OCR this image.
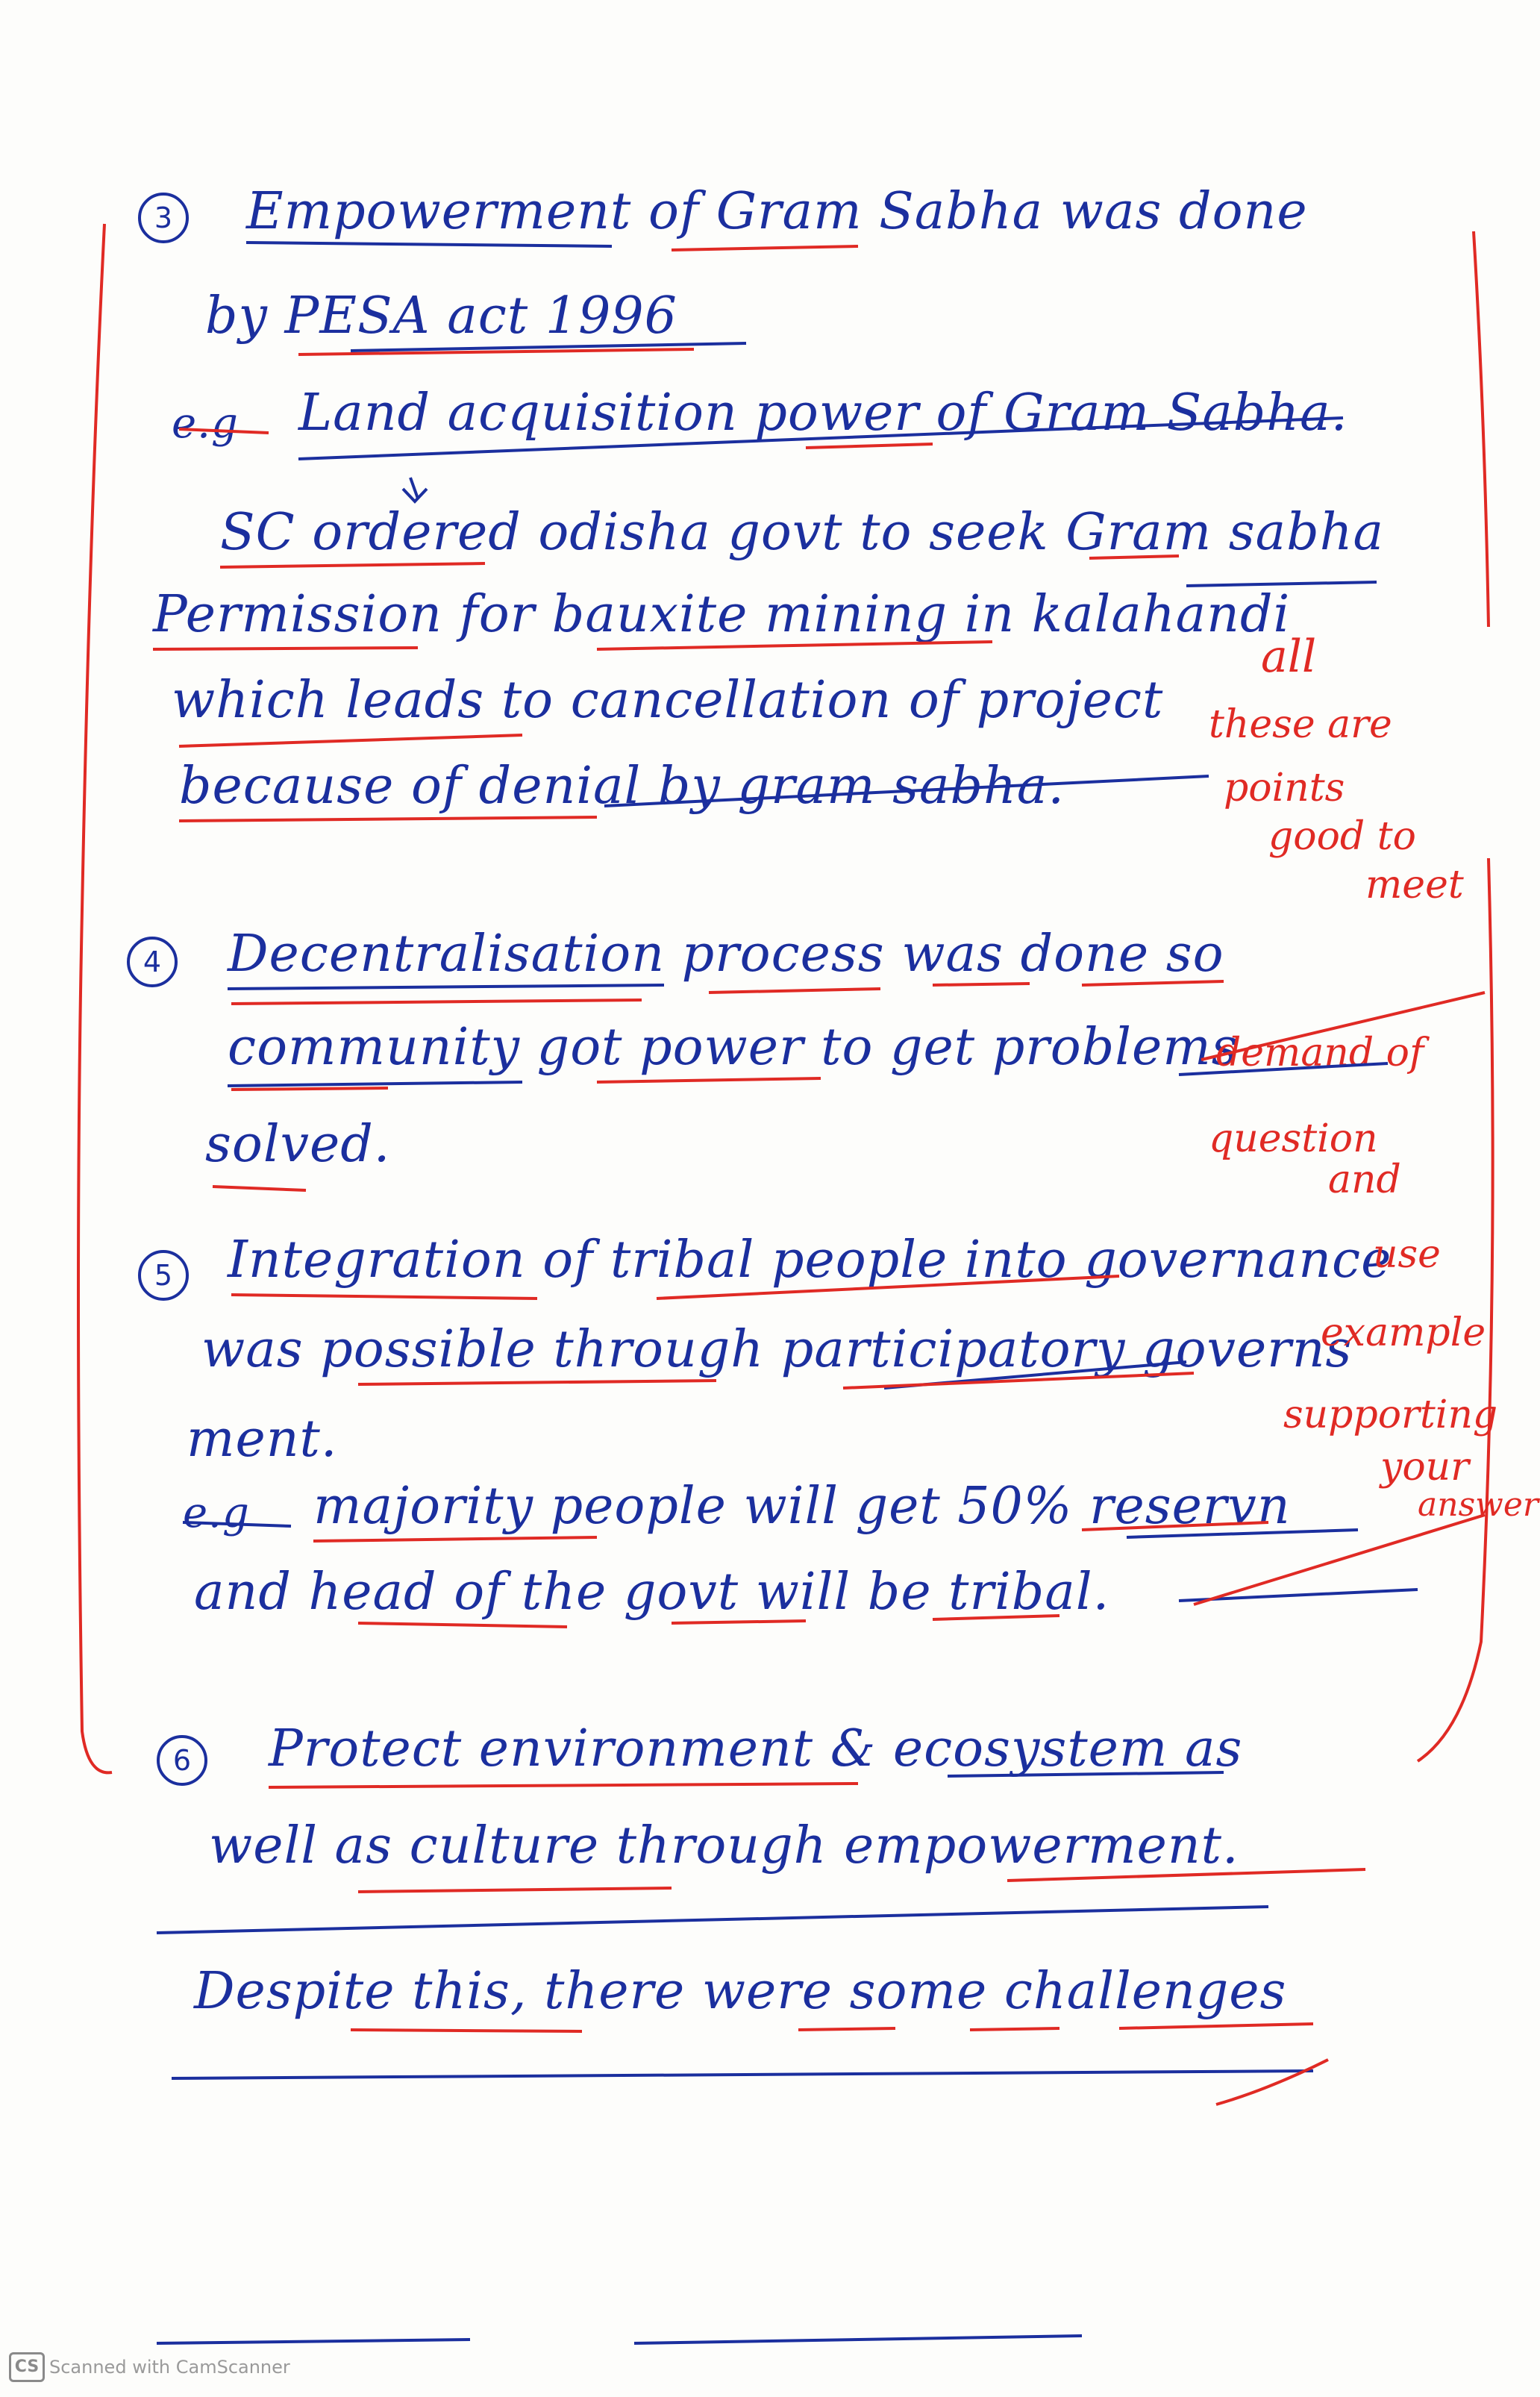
3	Empowerment of Gram Sabha was done
by PESA act 1996
e.g Land acquisition power of Gram Sabha.
SC ordered odisha govt to seek Gram sabha
Permission for bauxite mining in kalahandi
which leads to cancellation of project
because of denial by gram sabha.
4	Decentralisation process was done so
community got power to get problems
solved.
5	Integration of tribal people into governance
was possible through participatory governs
ment.
e.g majority people will get 50% reservn
and head of the govt will be tribal.
6	Protect environment & ecosystem as
well as culture through empowerment.
Despite this, there were some challenges
all
these are
points
good to
meet
demand of
question
and
use
example
supporting
your
answer
CS Scanned with CamScanner
